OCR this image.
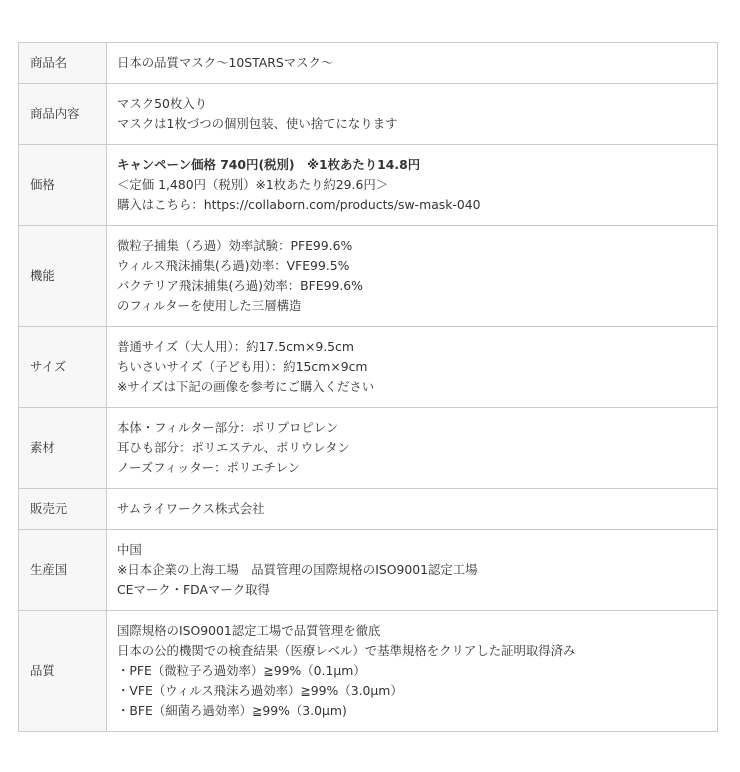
商品名	日本の品質マスク〜10STARSマスク〜

商品内容	マスク50枚入り
マスクは1枚づつの個別包装、使い捨てになります

価格	キャンペーン価格 740円(税別)　※1枚あたり14.8円
＜定価 1,480円（税別）※1枚あたり約29.6円＞
購入はこちら：https://collaborn.com/products/sw-mask-040

機能	微粒子捕集（ろ過）効率試験：PFE99.6%
ウィルス飛沫捕集(ろ過)効率：VFE99.5%
バクテリア飛沫捕集(ろ過)効率：BFE99.6%
のフィルターを使用した三層構造

サイズ	普通サイズ（大人用）：約17.5cm×9.5cm
ちいさいサイズ（子ども用）：約15cm×9cm
※サイズは下記の画像を参考にご購入ください

素材	本体・フィルター部分：ポリプロピレン
耳ひも部分：ポリエステル、ポリウレタン
ノーズフィッター：ポリエチレン

販売元	サムライワークス株式会社

生産国	中国
※日本企業の上海工場　品質管理の国際規格のISO9001認定工場
CEマーク・FDAマーク取得

品質	国際規格のISO9001認定工場で品質管理を徹底
日本の公的機関での検査結果（医療レベル）で基準規格をクリアした証明取得済み
・PFE（微粒子ろ過効率）≧99%（0.1μm）
・VFE（ウィルス飛沫ろ過効率）≧99%（3.0μm）
・BFE（細菌ろ過効率）≧99%（3.0μm)
